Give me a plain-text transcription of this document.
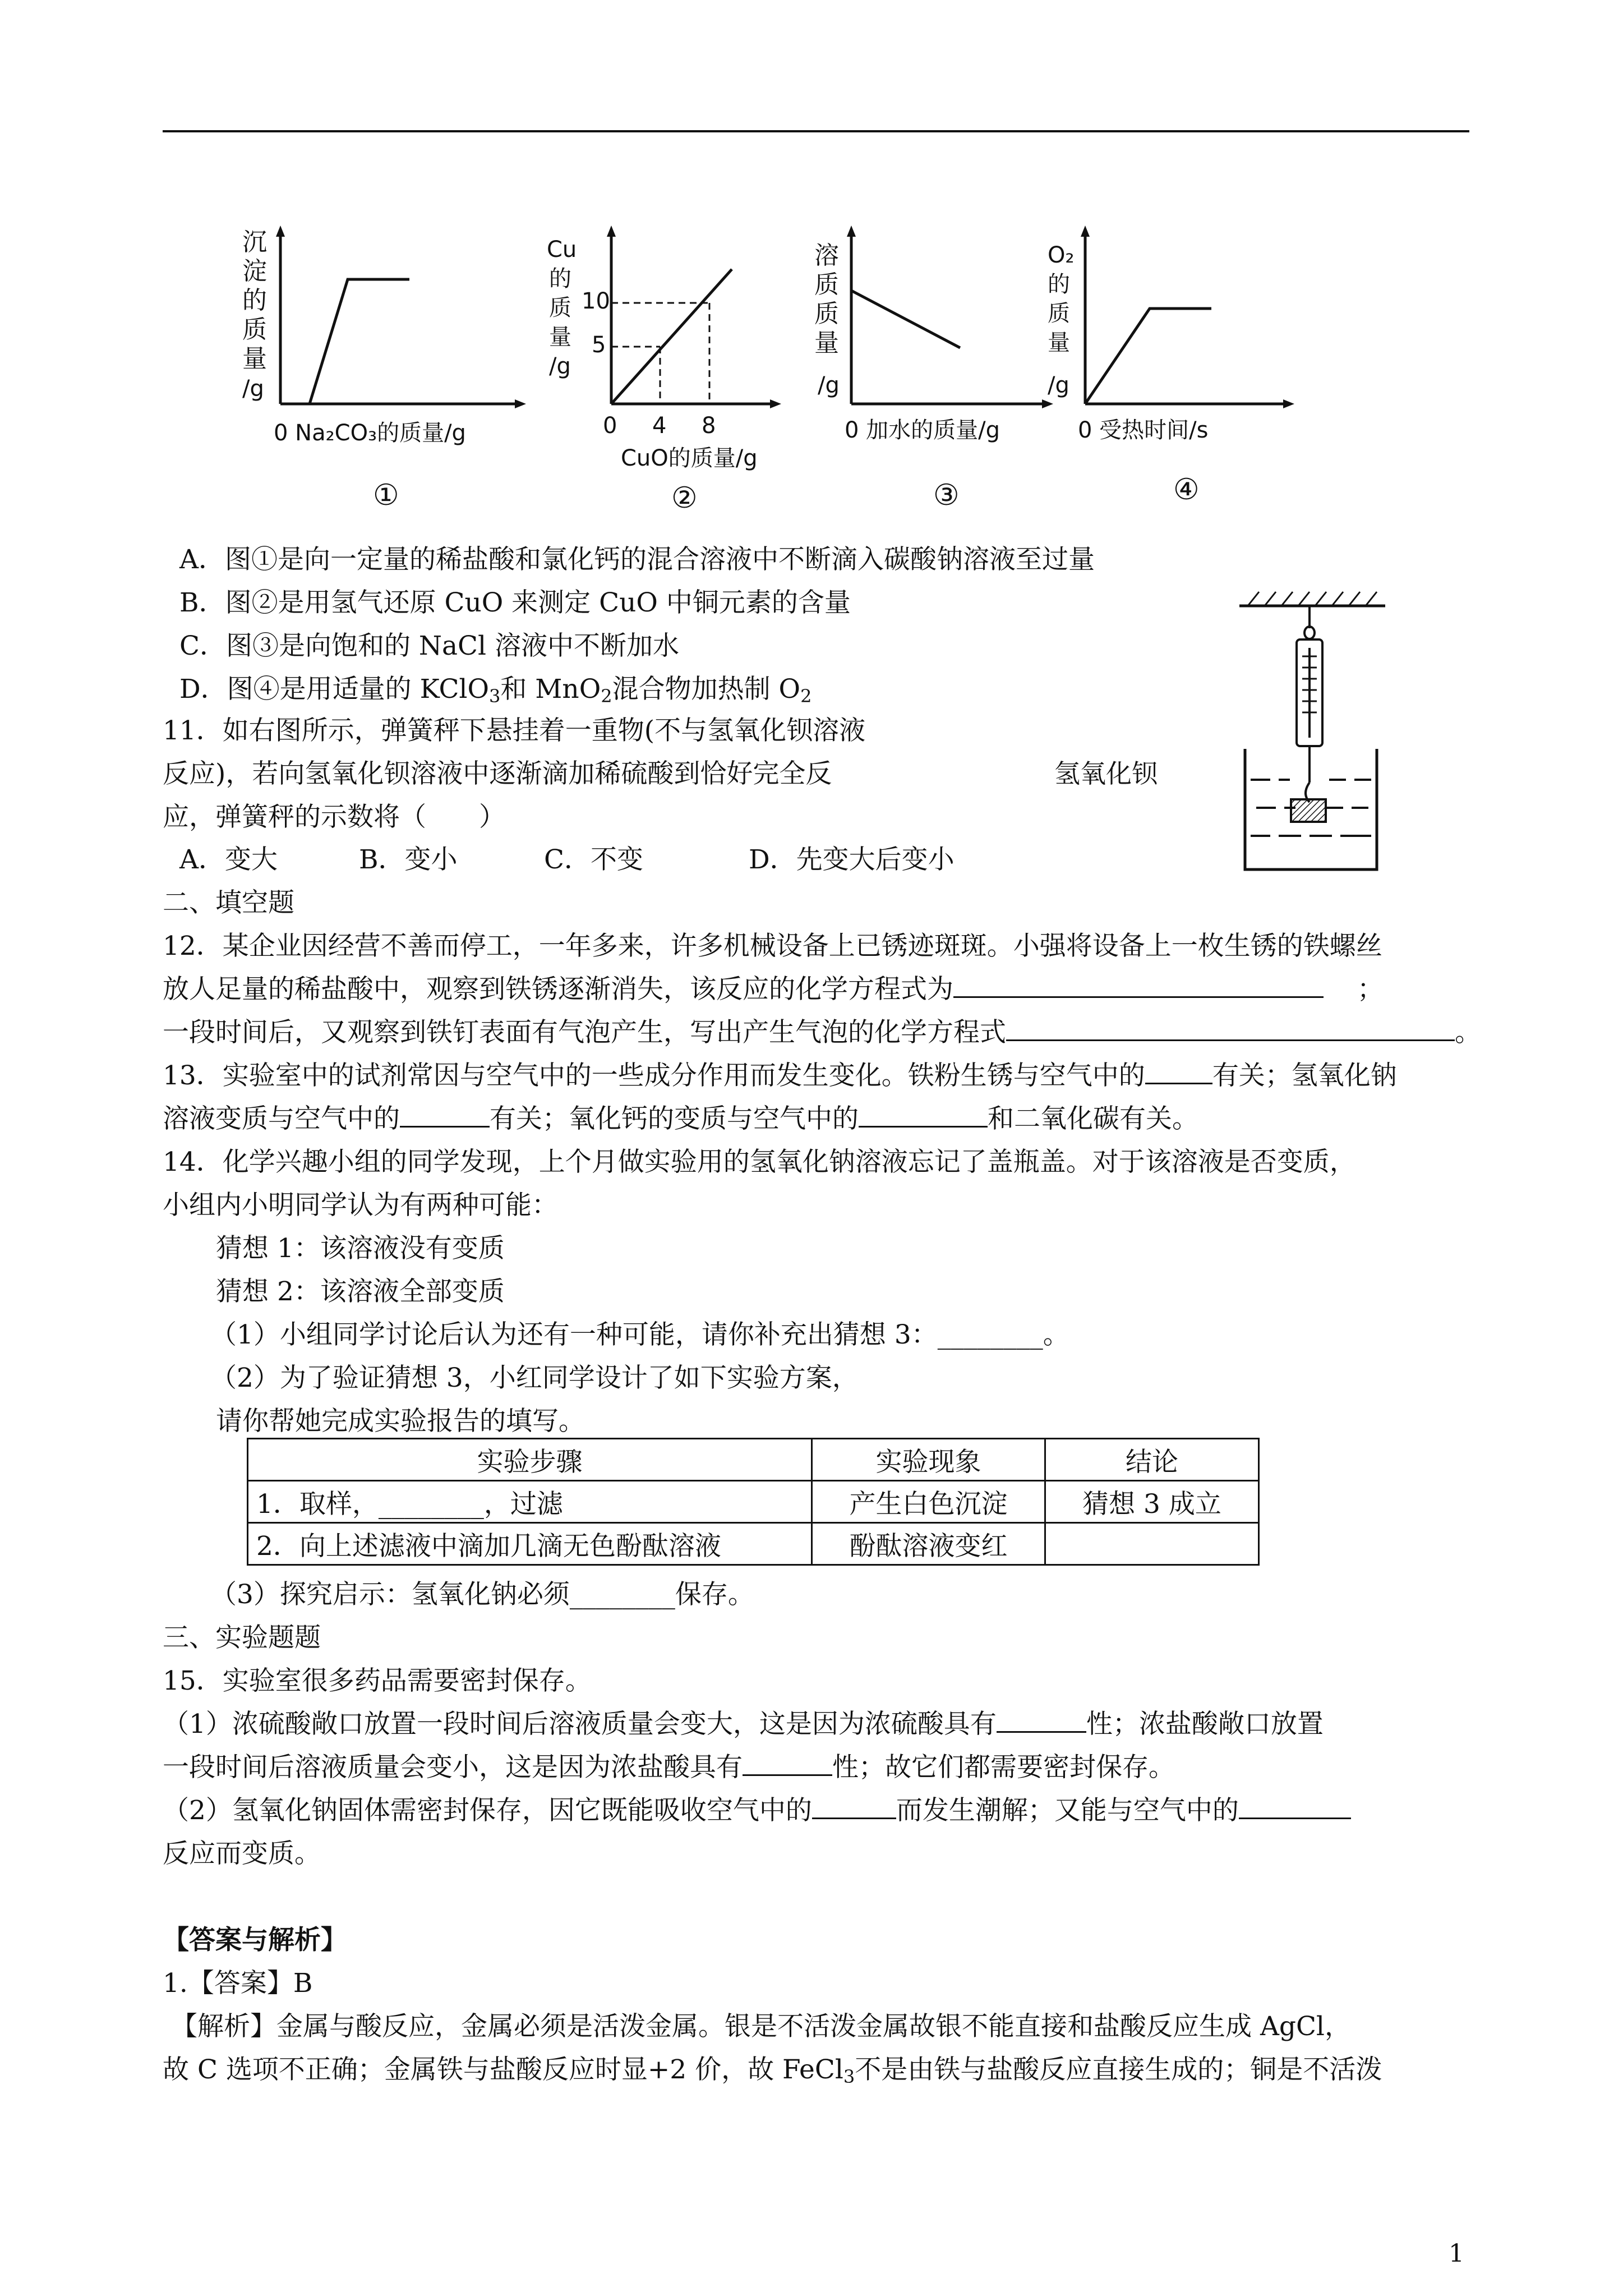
沉
淀
的
质
量
/g
0 Na₂CO₃的质量/g
①
Cu
的
质
量
/g
10
5
0 4 8
CuO的质量/g
②
溶
质
质
量
/g
0 加水的质量/g
③
O₂
的
质
量
/g
0 受热时间/s
④
氢氧化钡
A．图①是向一定量的稀盐酸和氯化钙的混合溶液中不断滴入碳酸钠溶液至过量
B．图②是用氢气还原 CuO 来测定 CuO 中铜元素的含量
C．图③是向饱和的 NaCl 溶液中不断加水
D．图④是用适量的 KClO$_3$和 MnO$_2$混合物加热制 $O_2$
11．如右图所示，弹簧秤下悬挂着一重物(不与氢氧化钡溶液
反应)，若向氢氧化钡溶液中逐渐滴加稀硫酸到恰好完全反
应，弹簧秤的示数将（　　）
A．变大	B．变小	C．不变	D．先变大后变小
二、填空题
12．某企业因经营不善而停工，一年多来，许多机械设备上已锈迹斑斑。小强将设备上一枚生锈的铁螺丝
放人足量的稀盐酸中，观察到铁锈逐渐消失，该反应的化学方程式为	；
一段时间后，又观察到铁钉表面有气泡产生，写出产生气泡的化学方程式	。
13．实验室中的试剂常因与空气中的一些成分作用而发生变化。铁粉生锈与空气中的	有关；氢氧化钠
溶液变质与空气中的	有关；氧化钙的变质与空气中的	和二氧化碳有关。
14．化学兴趣小组的同学发现，上个月做实验用的氢氧化钠溶液忘记了盖瓶盖。对于该溶液是否变质，
小组内小明同学认为有两种可能：
猜想 1：该溶液没有变质
猜想 2：该溶液全部变质
（1）小组同学讨论后认为还有一种可能，请你补充出猜想 3：________。
（2）为了验证猜想 3，小红同学设计了如下实验方案，
请你帮她完成实验报告的填写。
实验步骤	实验现象	结论
1．取样，________，过滤	产生白色沉淀	猜想 3 成立
2．向上述滤液中滴加几滴无色酚酞溶液	酚酞溶液变红	
（3）探究启示：氢氧化钠必须________保存。
三、实验题题
15．实验室很多药品需要密封保存。
（1）浓硫酸敞口放置一段时间后溶液质量会变大，这是因为浓硫酸具有	性；浓盐酸敞口放置
一段时间后溶液质量会变小，这是因为浓盐酸具有	性；故它们都需要密封保存。
（2）氢氧化钠固体需密封保存，因它既能吸收空气中的	而发生潮解；又能与空气中的
反应而变质。
【答案与解析】
1.【答案】B
【解析】金属与酸反应，金属必须是活泼金属。银是不活泼金属故银不能直接和盐酸反应生成 AgCl，
故 C 选项不正确；金属铁与盐酸反应时显+2 价，故 FeCl$_3$不是由铁与盐酸反应直接生成的；铜是不活泼
1
